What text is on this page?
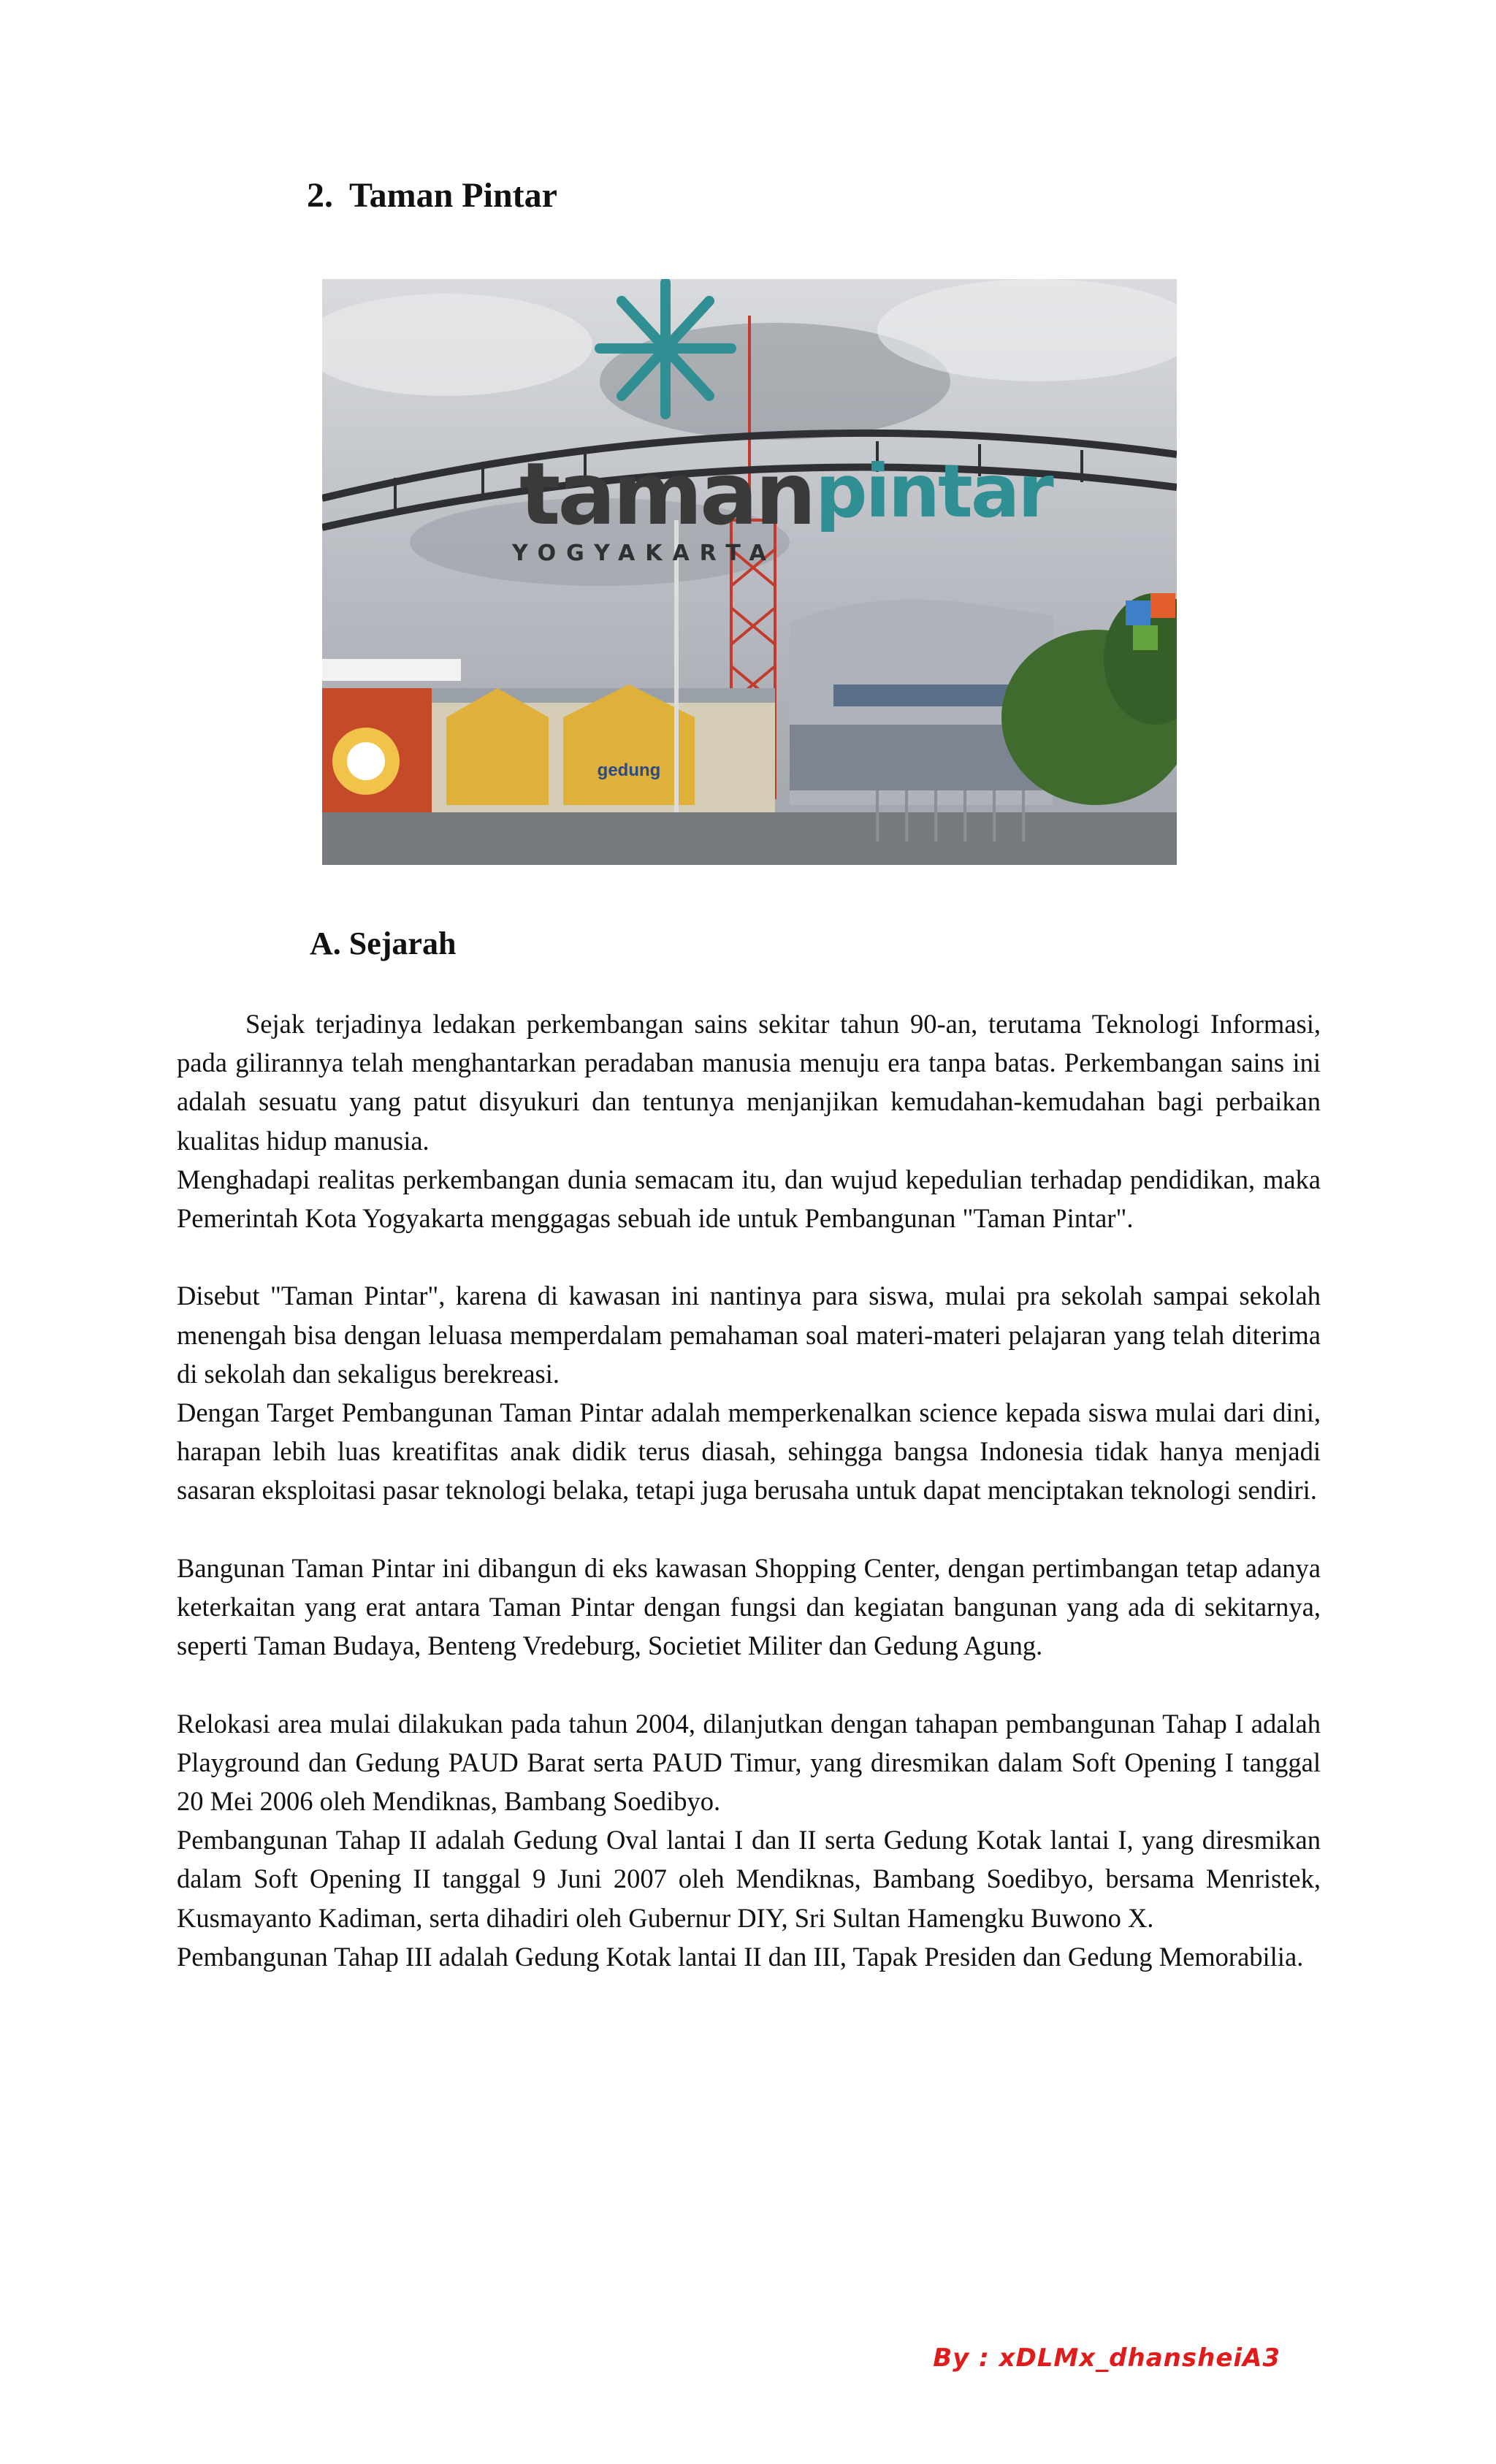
2. Taman Pintar
gedung
taman pintar
YOGYAKARTA
A. Sejarah

Sejak terjadinya ledakan perkembangan sains sekitar tahun 90-an, terutama Teknologi Informasi, pada gilirannya telah menghantarkan peradaban manusia menuju era tanpa batas. Perkembangan sains ini adalah sesuatu yang patut disyukuri dan tentunya menjanjikan kemudahan-kemudahan bagi perbaikan kualitas hidup manusia.

Menghadapi realitas perkembangan dunia semacam itu, dan wujud kepedulian terhadap pendidikan, maka Pemerintah Kota Yogyakarta menggagas sebuah ide untuk Pembangunan "Taman Pintar".

Disebut "Taman Pintar", karena di kawasan ini nantinya para siswa, mulai pra sekolah sampai sekolah menengah bisa dengan leluasa memperdalam pemahaman soal materi-materi pelajaran yang telah diterima di sekolah dan sekaligus berekreasi.

Dengan Target Pembangunan Taman Pintar adalah memperkenalkan science kepada siswa mulai dari dini, harapan lebih luas kreatifitas anak didik terus diasah, sehingga bangsa Indonesia tidak hanya menjadi sasaran eksploitasi pasar teknologi belaka, tetapi juga berusaha untuk dapat menciptakan teknologi sendiri.

Bangunan Taman Pintar ini dibangun di eks kawasan Shopping Center, dengan pertimbangan tetap adanya keterkaitan yang erat antara Taman Pintar dengan fungsi dan kegiatan bangunan yang ada di sekitarnya, seperti Taman Budaya, Benteng Vredeburg, Societiet Militer dan Gedung Agung.

Relokasi area mulai dilakukan pada tahun 2004, dilanjutkan dengan tahapan pembangunan Tahap I adalah Playground dan Gedung PAUD Barat serta PAUD Timur, yang diresmikan dalam Soft Opening I tanggal 20 Mei 2006 oleh Mendiknas, Bambang Soedibyo.

Pembangunan Tahap II adalah Gedung Oval lantai I dan II serta Gedung Kotak lantai I, yang diresmikan dalam Soft Opening II tanggal 9 Juni 2007 oleh Mendiknas, Bambang Soedibyo, bersama Menristek, Kusmayanto Kadiman, serta dihadiri oleh Gubernur DIY, Sri Sultan Hamengku Buwono X.

Pembangunan Tahap III adalah Gedung Kotak lantai II dan III, Tapak Presiden dan Gedung Memorabilia.

By : xDLMx_dhansheiA3
